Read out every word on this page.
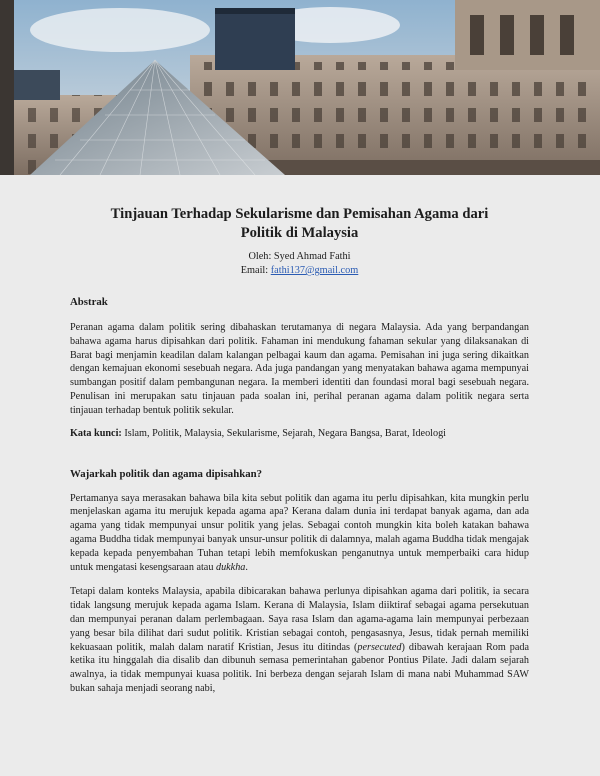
Tinjauan Terhadap Sekularisme dan Pemisahan Agama dari Politik di Malaysia
Oleh: Syed Ahmad Fathi
Email: fathi137@gmail.com
Abstrak

Peranan agama dalam politik sering dibahaskan terutamanya di negara Malaysia. Ada yang berpandangan bahawa agama harus dipisahkan dari politik. Fahaman ini mendukung fahaman sekular yang dilaksanakan di Barat bagi menjamin keadilan dalam kalangan pelbagai kaum dan agama. Pemisahan ini juga sering dikaitkan dengan kemajuan ekonomi sesebuah negara. Ada juga pandangan yang menyatakan bahawa agama mempunyai sumbangan positif dalam pembangunan negara. Ia memberi identiti dan foundasi moral bagi sesebuah negara. Penulisan ini merupakan satu tinjauan pada soalan ini, perihal peranan agama dalam politik negara serta tinjauan terhadap bentuk politik sekular.

Kata kunci: Islam, Politik, Malaysia, Sekularisme, Sejarah, Negara Bangsa, Barat, Ideologi
Wajarkah politik dan agama dipisahkan?

Pertamanya saya merasakan bahawa bila kita sebut politik dan agama itu perlu dipisahkan, kita mungkin perlu menjelaskan agama itu merujuk kepada agama apa? Kerana dalam dunia ini terdapat banyak agama, dan ada agama yang tidak mempunyai unsur politik yang jelas. Sebagai contoh mungkin kita boleh katakan bahawa agama Buddha tidak mempunyai banyak unsur-unsur politik di dalamnya, malah agama Buddha tidak mengajak kepada kepada penyembahan Tuhan tetapi lebih memfokuskan penganutnya untuk memperbaiki cara hidup untuk mengatasi kesengsaraan atau dukkha.

Tetapi dalam konteks Malaysia, apabila dibicarakan bahawa perlunya dipisahkan agama dari politik, ia secara tidak langsung merujuk kepada agama Islam. Kerana di Malaysia, Islam diiktiraf sebagai agama persekutuan dan mempunyai peranan dalam perlembagaan. Saya rasa Islam dan agama-agama lain mempunyai perbezaan yang besar bila dilihat dari sudut politik. Kristian sebagai contoh, pengasasnya, Jesus, tidak pernah memiliki kekuasaan politik, malah dalam naratif Kristian, Jesus itu ditindas (persecuted) dibawah kerajaan Rom pada ketika itu hinggalah dia disalib dan dibunuh semasa pemerintahan gabenor Pontius Pilate. Jadi dalam sejarah awalnya, ia tidak mempunyai kuasa politik. Ini berbeza dengan sejarah Islam di mana nabi Muhammad SAW bukan sahaja menjadi seorang nabi,
